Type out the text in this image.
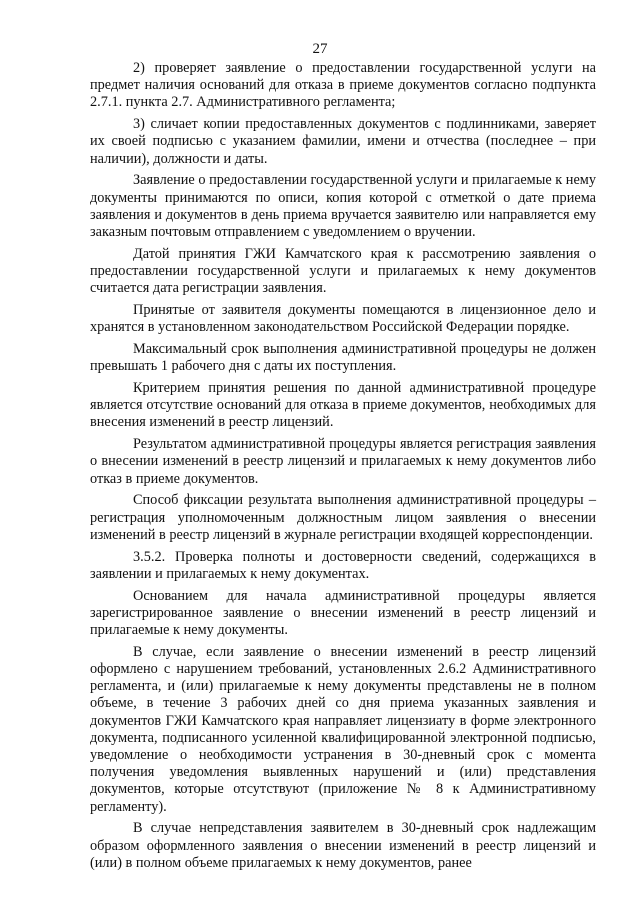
27

2) проверяет заявление о предоставлении государственной услуги на предмет наличия оснований для отказа в приеме документов согласно подпункта 2.7.1. пункта 2.7. Административного регламента;

3) сличает копии предоставленных документов с подлинниками, заверяет их своей подписью с указанием фамилии, имени и отчества (последнее – при наличии), должности и даты.

Заявление о предоставлении государственной услуги и прилагаемые к нему документы принимаются по описи, копия которой с отметкой о дате приема заявления и документов в день приема вручается заявителю или направляется ему заказным почтовым отправлением с уведомлением о вручении.

Датой принятия ГЖИ Камчатского края к рассмотрению заявления о предоставлении государственной услуги и прилагаемых к нему документов считается дата регистрации заявления.

Принятые от заявителя документы помещаются в лицензионное дело и хранятся в установленном законодательством Российской Федерации порядке.

Максимальный срок выполнения административной процедуры не должен превышать 1 рабочего дня с даты их поступления.

Критерием принятия решения по данной административной процедуре является отсутствие оснований для отказа в приеме документов, необходимых для внесения изменений в реестр лицензий.

Результатом административной процедуры является регистрация заявления о внесении изменений в реестр лицензий и прилагаемых к нему документов либо отказ в приеме документов.

Способ фиксации результата выполнения административной процедуры – регистрация уполномоченным должностным лицом заявления о внесении изменений в реестр лицензий в журнале регистрации входящей корреспонденции.

3.5.2. Проверка полноты и достоверности сведений, содержащихся в заявлении и прилагаемых к нему документах.

Основанием для начала административной процедуры является зарегистрированное заявление о внесении изменений в реестр лицензий и прилагаемые к нему документы.

В случае, если заявление о внесении изменений в реестр лицензий оформлено с нарушением требований, установленных 2.6.2 Административного регламента, и (или) прилагаемые к нему документы представлены не в полном объеме, в течение 3 рабочих дней со дня приема указанных заявления и документов ГЖИ Камчатского края направляет лицензиату в форме электронного документа, подписанного усиленной квалифицированной электронной подписью, уведомление о необходимости устранения в 30-дневный срок с момента получения уведомления выявленных нарушений и (или) представления документов, которые отсутствуют (приложение № 8 к Административному регламенту).

В случае непредставления заявителем в 30-дневный срок надлежащим образом оформленного заявления о внесении изменений в реестр лицензий и (или) в полном объеме прилагаемых к нему документов, ранее
